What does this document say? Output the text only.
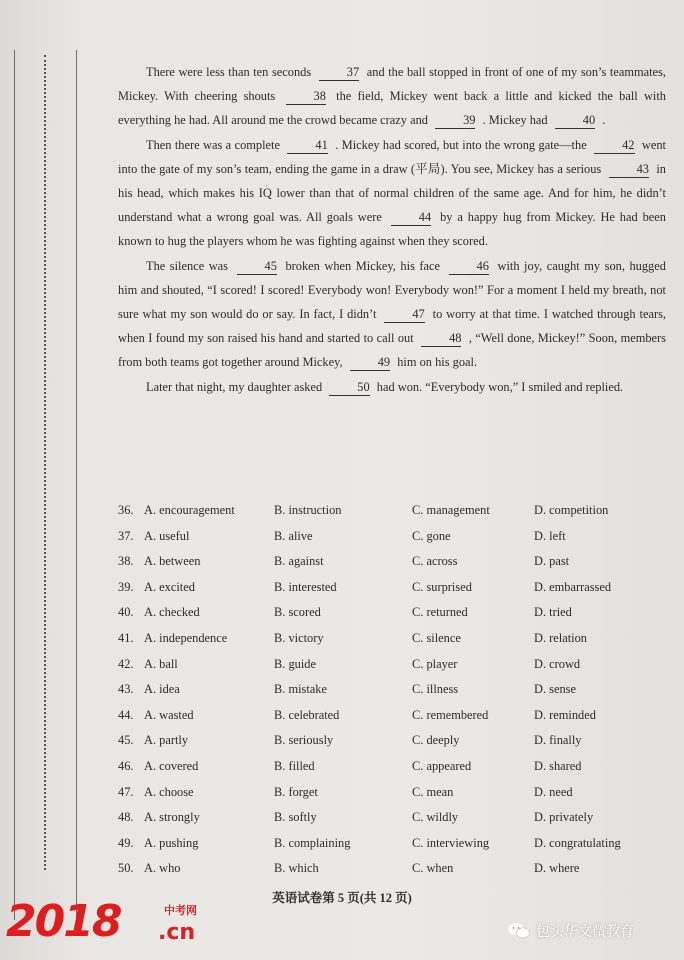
There were less than ten seconds	37 and the ball stopped in front of one of my son’s teammates, Mickey. With cheering shouts	38 the field, Mickey went back a little and kicked the ball with everything he had. All around me the crowd became crazy and	39 . Mickey had	40 .

Then there was a complete	41 . Mickey had scored, but into the wrong gate—the	42 went into the gate of my son’s team, ending the game in a draw (平局). You see, Mickey has a serious	43 in his head, which makes his IQ lower than that of normal children of the same age. And for him, he didn’t understand what a wrong goal was. All goals were	44 by a happy hug from Mickey. He had been known to hug the players whom he was fighting against when they scored.

The silence was	45 broken when Mickey, his face	46 with joy, caught my son, hugged him and shouted, “I scored! I scored! Everybody won! Everybody won!” For a moment I held my breath, not sure what my son would do or say. In fact, I didn’t	47 to worry at that time. I watched through tears, when I found my son raised his hand and started to call out	48 , “Well done, Mickey!” Soon, members from both teams got together around Mickey,	49 him on his goal.

Later that night, my daughter asked	50 had won. “Everybody won,” I smiled and replied.

36. A. encouragement	B. instruction	C. management	D. competition
37. A. useful	B. alive	C. gone	D. left
38. A. between	B. against	C. across	D. past
39. A. excited	B. interested	C. surprised	D. embarrassed
40. A. checked	B. scored	C. returned	D. tried
41. A. independence	B. victory	C. silence	D. relation
42. A. ball	B. guide	C. player	D. crowd
43. A. idea	B. mistake	C. illness	D. sense
44. A. wasted	B. celebrated	C. remembered	D. reminded
45. A. partly	B. seriously	C. deeply	D. finally
46. A. covered	B. filled	C. appeared	D. shared
47. A. choose	B. forget	C. mean	D. need
48. A. strongly	B. softly	C. wildly	D. privately
49. A. pushing	B. complaining	C. interviewing	D. congratulating
50. A. who	B. which	C. when	D. where
英语试卷第 5 页(共 12 页)
2018	中考网
.cn	包头华文微教育
